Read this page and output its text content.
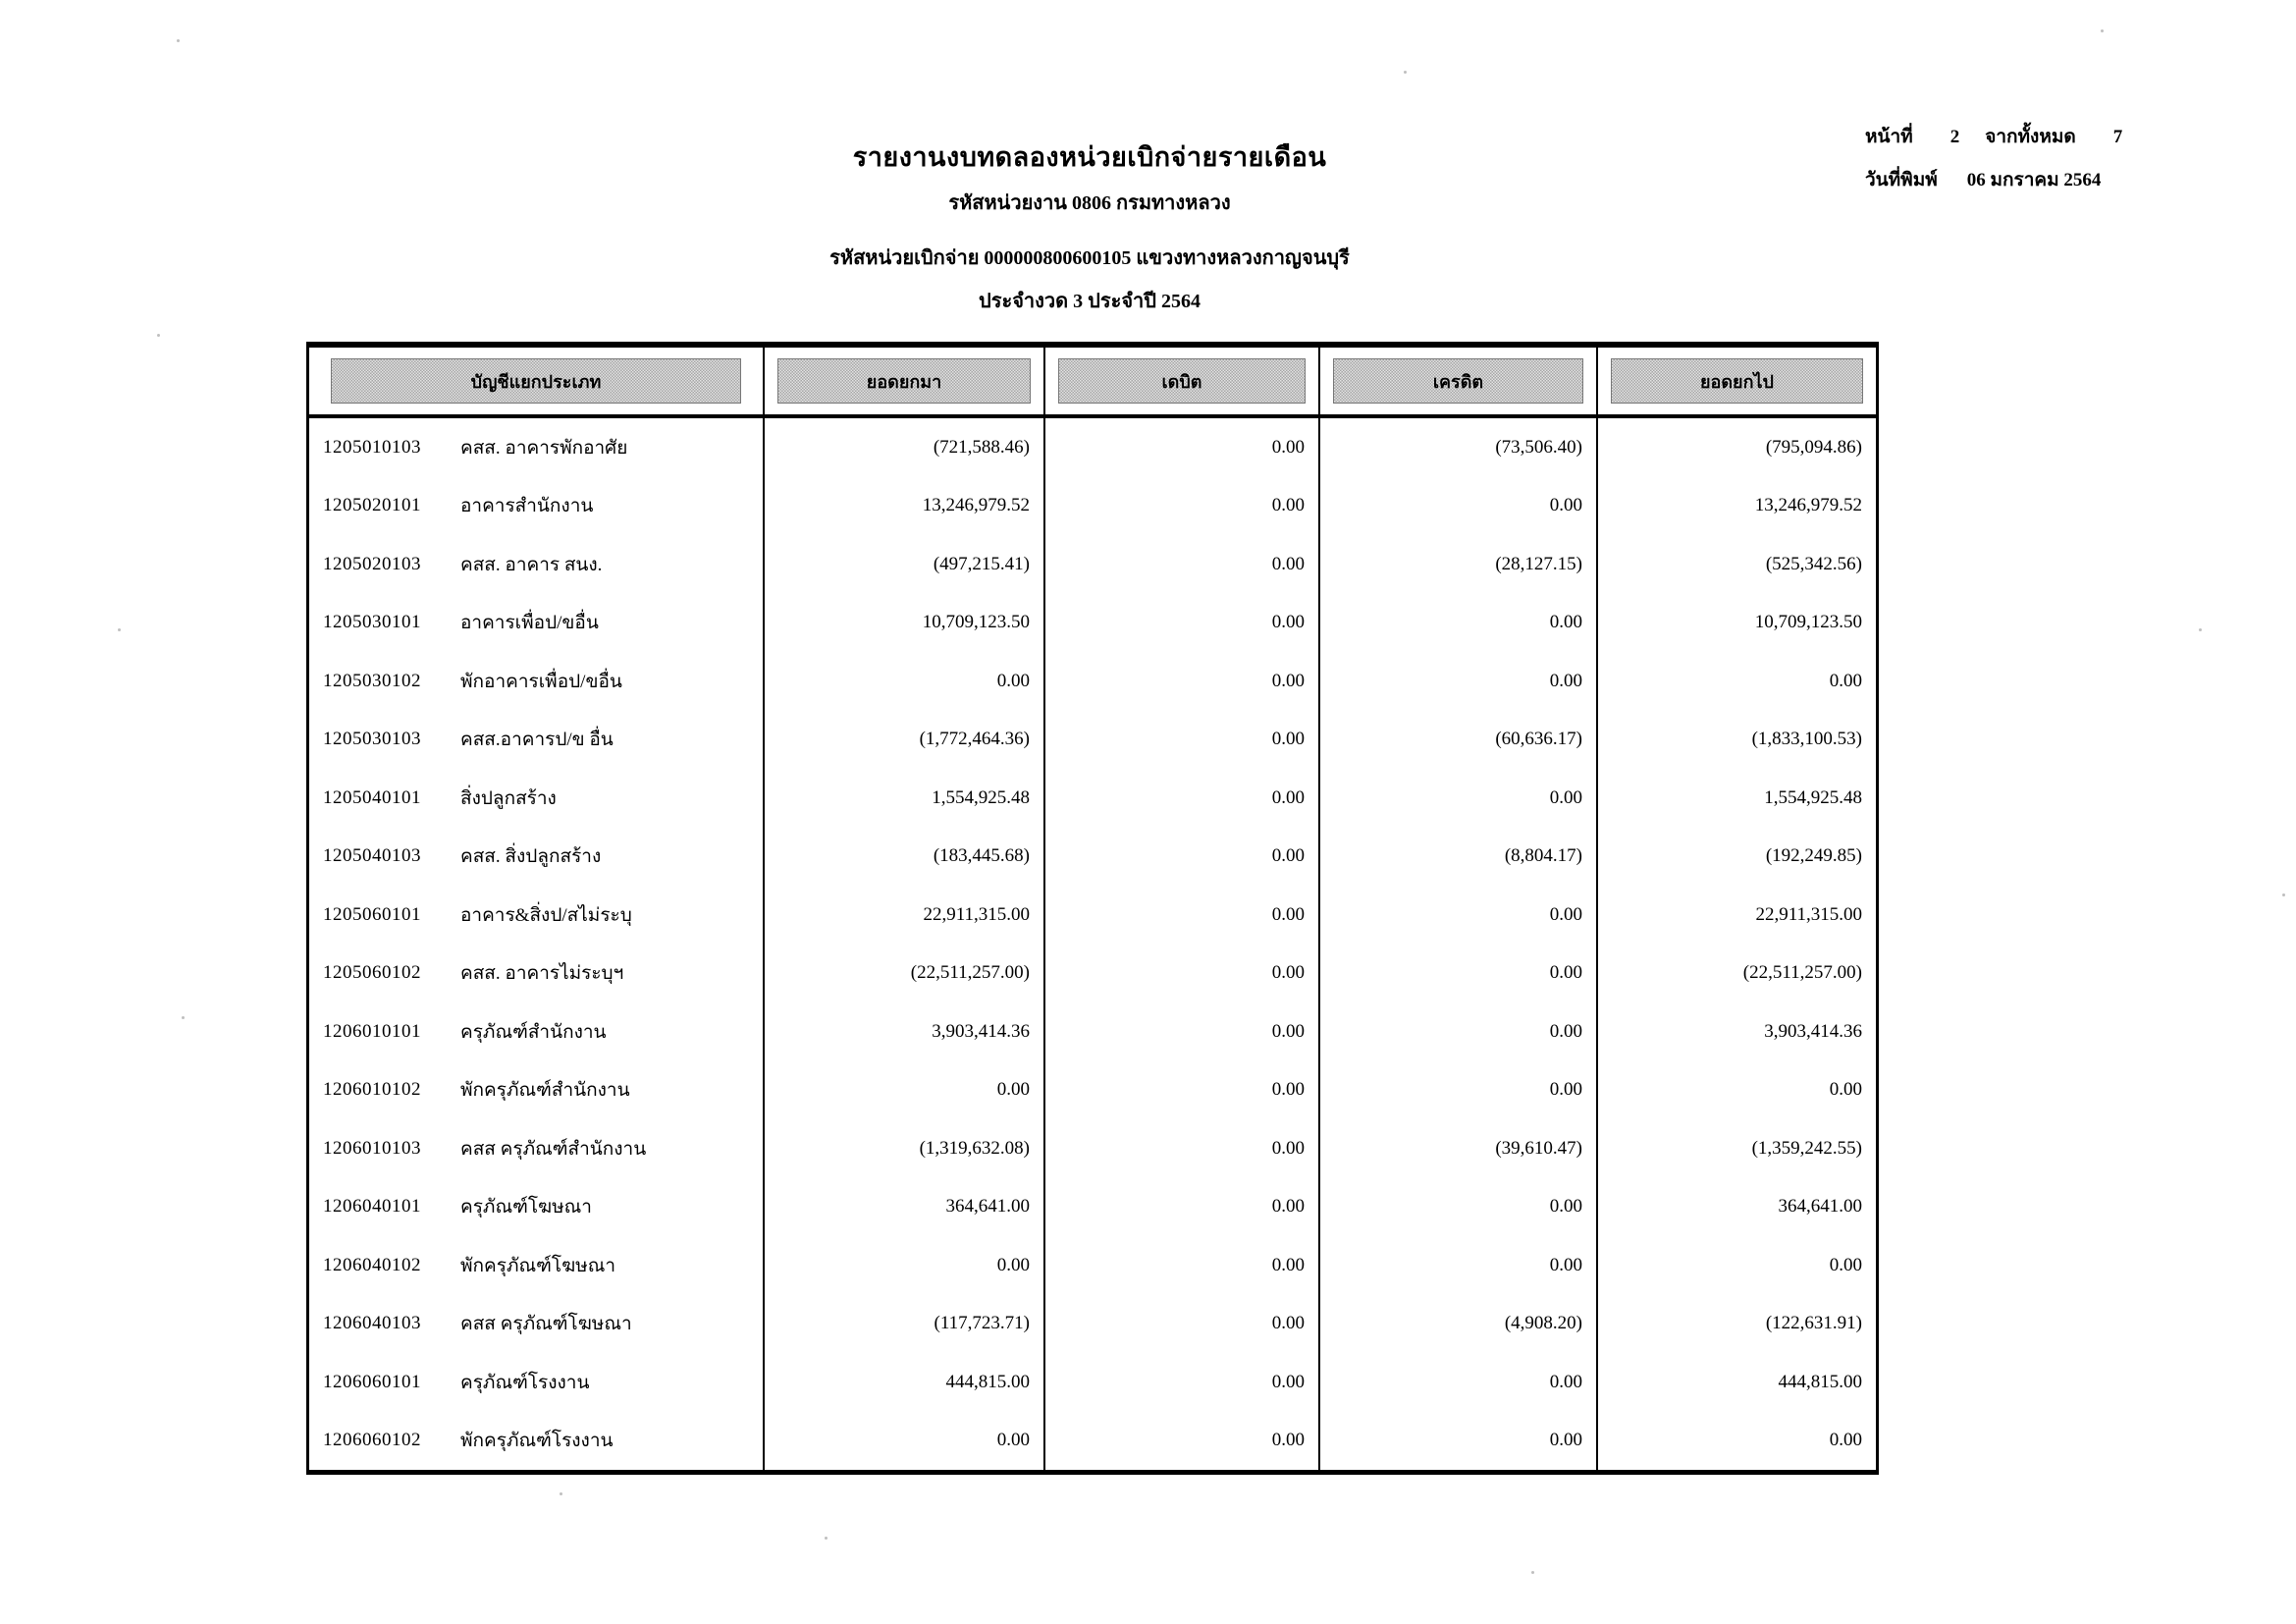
รายงานงบทดลองหน่วยเบิกจ่ายรายเดือน
รหัสหน่วยงาน 0806 กรมทางหลวง
รหัสหน่วยเบิกจ่าย 000000800600105 แขวงทางหลวงกาญจนบุรี
ประจำงวด 3 ประจำปี 2564
หน้าที่ 2 จากทั้งหมด 7
วันที่พิมพ์ 06 มกราคม 2564
บัญชีแยกประเภท	ยอดยกมา	เดบิต	เครดิต	ยอดยกไป
1205010103	คสส. อาคารพักอาศัย	(721,588.46)	0.00	(73,506.40)	(795,094.86)
1205020101	อาคารสำนักงาน	13,246,979.52	0.00	0.00	13,246,979.52
1205020103	คสส. อาคาร สนง.	(497,215.41)	0.00	(28,127.15)	(525,342.56)
1205030101	อาคารเพื่อป/ขอื่น	10,709,123.50	0.00	0.00	10,709,123.50
1205030102	พักอาคารเพื่อป/ขอื่น	0.00	0.00	0.00	0.00
1205030103	คสส.อาคารป/ข อื่น	(1,772,464.36)	0.00	(60,636.17)	(1,833,100.53)
1205040101	สิ่งปลูกสร้าง	1,554,925.48	0.00	0.00	1,554,925.48
1205040103	คสส. สิ่งปลูกสร้าง	(183,445.68)	0.00	(8,804.17)	(192,249.85)
1205060101	อาคาร&สิ่งป/สไม่ระบุ	22,911,315.00	0.00	0.00	22,911,315.00
1205060102	คสส. อาคารไม่ระบุฯ	(22,511,257.00)	0.00	0.00	(22,511,257.00)
1206010101	ครุภัณฑ์สำนักงาน	3,903,414.36	0.00	0.00	3,903,414.36
1206010102	พักครุภัณฑ์สำนักงาน	0.00	0.00	0.00	0.00
1206010103	คสส ครุภัณฑ์สำนักงาน	(1,319,632.08)	0.00	(39,610.47)	(1,359,242.55)
1206040101	ครุภัณฑ์โฆษณา	364,641.00	0.00	0.00	364,641.00
1206040102	พักครุภัณฑ์โฆษณา	0.00	0.00	0.00	0.00
1206040103	คสส ครุภัณฑ์โฆษณา	(117,723.71)	0.00	(4,908.20)	(122,631.91)
1206060101	ครุภัณฑ์โรงงาน	444,815.00	0.00	0.00	444,815.00
1206060102	พักครุภัณฑ์โรงงาน	0.00	0.00	0.00	0.00
